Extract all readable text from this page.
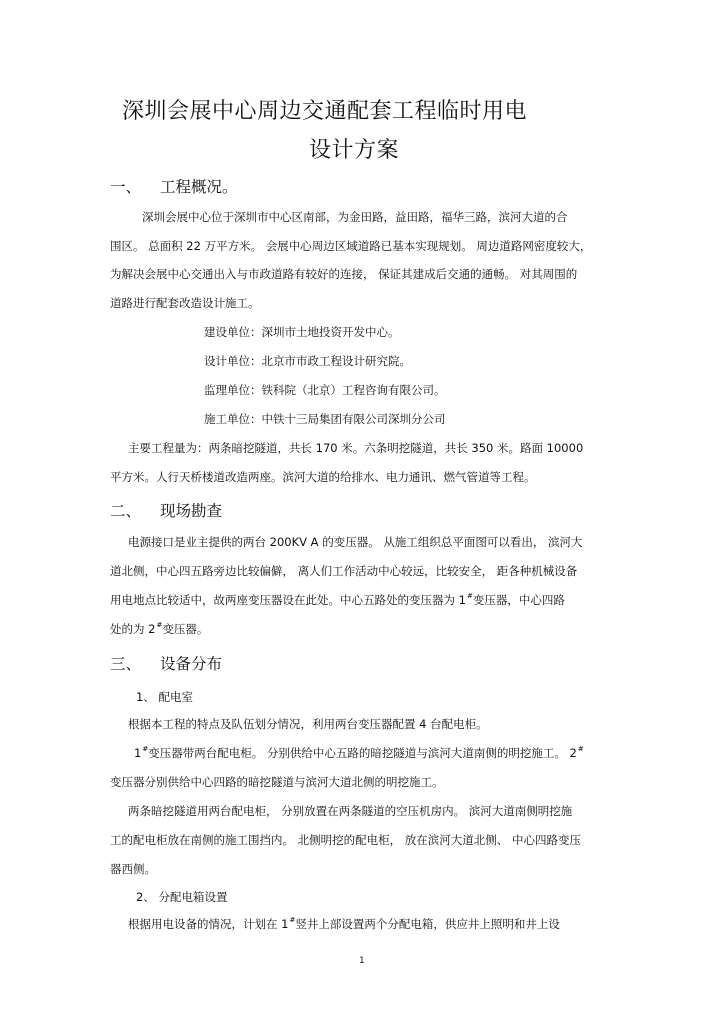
深圳会展中心周边交通配套工程临时用电
设计方案
一、 工程概况。
深圳会展中心位于深圳市中心区南部，为金田路，益田路，福华三路，滨河大道的合
围区。 总面积 22 万平方米。 会展中心周边区域道路已基本实现规划。 周边道路网密度较大，
为解决会展中心交通出入与市政道路有较好的连接， 保证其建成后交通的通畅。 对其周围的
道路进行配套改造设计施工。
建设单位：深圳市土地投资开发中心。
设计单位：北京市市政工程设计研究院。
监理单位：铁科院（北京）工程咨询有限公司。
施工单位：中铁十三局集团有限公司深圳分公司
主要工程量为：两条暗挖隧道，共长 170 米。六条明挖隧道，共长 350 米。路面 10000
平方米。人行天桥楼道改造两座。滨河大道的给排水、电力通讯、燃气管道等工程。
二、 现场勘查
电源接口是业主提供的两台 200KV A 的变压器。 从施工组织总平面图可以看出， 滨河大
道北侧，中心四五路旁边比较偏僻， 离人们工作活动中心较远，比较安全， 距各种机械设备
用电地点比较适中，故两座变压器设在此处。中心五路处的变压器为 1#变压器，中心四路
处的为 2#变压器。
三、 设备分布
1、 配电室
根据本工程的特点及队伍划分情况，利用两台变压器配置 4 台配电柜。
1#变压器带两台配电柜。 分别供给中心五路的暗挖隧道与滨河大道南侧的明挖施工。 2#
变压器分别供给中心四路的暗挖隧道与滨河大道北侧的明挖施工。
两条暗挖隧道用两台配电柜， 分别放置在两条隧道的空压机房内。 滨河大道南侧明挖施
工的配电柜放在南侧的施工围挡内。 北侧明挖的配电柜， 放在滨河大道北侧、 中心四路变压
器西侧。
2、 分配电箱设置
根据用电设备的情况，计划在 1#竖井上部设置两个分配电箱，供应井上照明和井上设
1
